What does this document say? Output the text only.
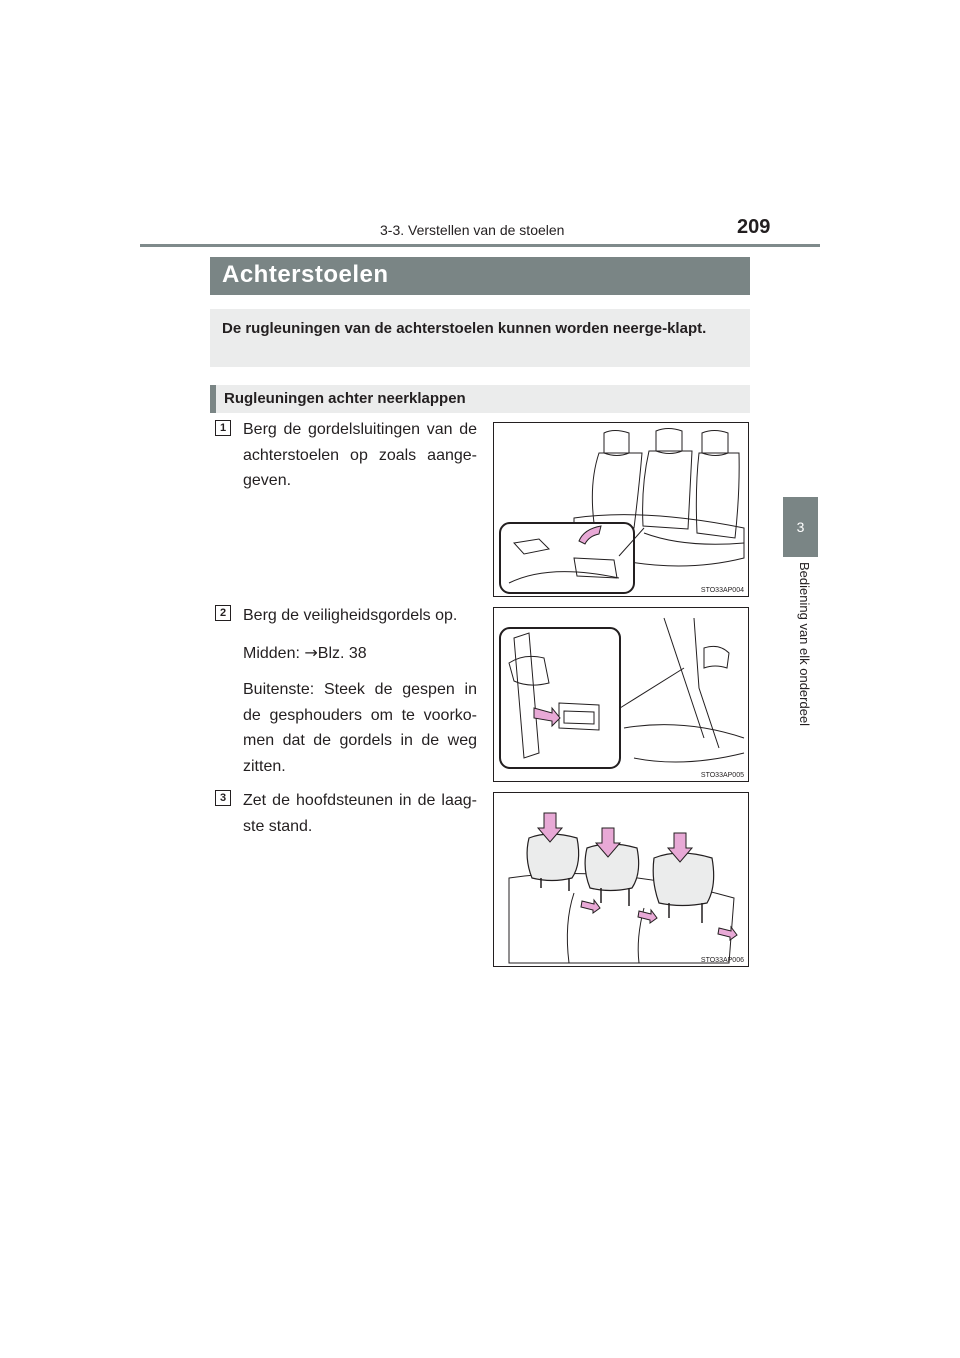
3-3. Verstellen van de stoelen	209
3
Bediening van elk onderdeel
Achterstoelen
De rugleuningen van de achterstoelen kunnen worden neerge-klapt.
Rugleuningen achter neerklappen
1	Berg de gordelsluitingen van de achterstoelen op zoals aange-geven.

STO33AP004
2	Berg de veiligheidsgordels op.

Midden: →Blz. 38

Buitenste: Steek de gespen in de gesphouders om te voorko-men dat de gordels in de weg zitten.

STO33AP005
3	Zet de hoofdsteunen in de laag-ste stand.

STO33AP006
